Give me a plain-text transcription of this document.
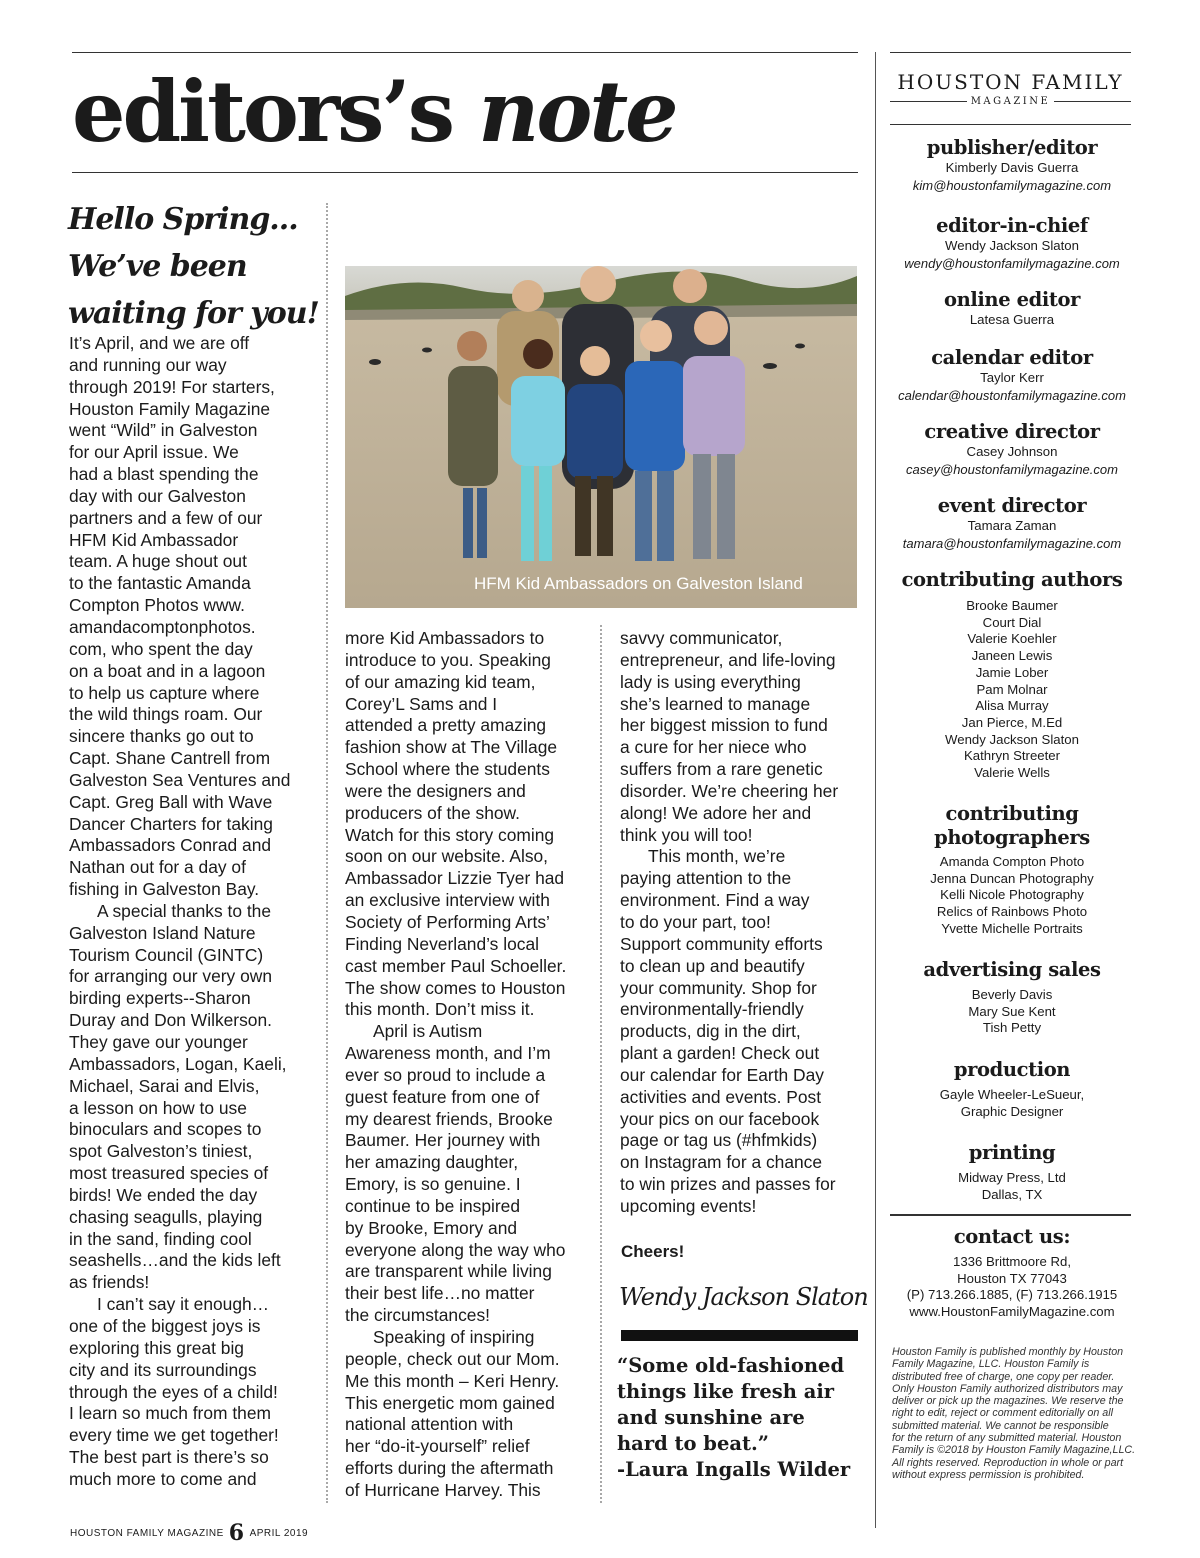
editors’s note
Hello Spring...
We’ve been
waiting for you!
It’s April, and we are off
and running our way
through 2019! For starters,
Houston Family Magazine
went “Wild” in Galveston
for our April issue. We
had a blast spending the
day with our Galveston
partners and a few of our
HFM Kid Ambassador
team. A huge shout out
to the fantastic Amanda
Compton Photos www.
amandacomptonphotos.
com, who spent the day
on a boat and in a lagoon
to help us capture where
the wild things roam. Our
sincere thanks go out to
Capt. Shane Cantrell from
Galveston Sea Ventures and
Capt. Greg Ball with Wave
Dancer Charters for taking
Ambassadors Conrad and
Nathan out for a day of
fishing in Galveston Bay.
A special thanks to the
Galveston Island Nature
Tourism Council (GINTC)
for arranging our very own
birding experts--Sharon
Duray and Don Wilkerson.
They gave our younger
Ambassadors, Logan, Kaeli,
Michael, Sarai and Elvis,
a lesson on how to use
binoculars and scopes to
spot Galveston’s tiniest,
most treasured species of
birds! We ended the day
chasing seagulls, playing
in the sand, finding cool
seashells…and the kids left
as friends!
I can’t say it enough…
one of the biggest joys is
exploring this great big
city and its surroundings
through the eyes of a child!
I learn so much from them
every time we get together!
The best part is there’s so
much more to come and
more Kid Ambassadors to
introduce to you. Speaking
of our amazing kid team,
Corey’L Sams and I
attended a pretty amazing
fashion show at The Village
School where the students
were the designers and
producers of the show.
Watch for this story coming
soon on our website. Also,
Ambassador Lizzie Tyer had
an exclusive interview with
Society of Performing Arts’
Finding Neverland’s local
cast member Paul Schoeller.
The show comes to Houston
this month. Don’t miss it.
April is Autism
Awareness month, and I’m
ever so proud to include a
guest feature from one of
my dearest friends, Brooke
Baumer. Her journey with
her amazing daughter,
Emory, is so genuine. I
continue to be inspired
by Brooke, Emory and
everyone along the way who
are transparent while living
their best life…no matter
the circumstances!
Speaking of inspiring
people, check out our Mom.
Me this month – Keri Henry.
This energetic mom gained
national attention with
her “do-it-yourself” relief
efforts during the aftermath
of Hurricane Harvey. This
savvy communicator,
entrepreneur, and life-loving
lady is using everything
she’s learned to manage
her biggest mission to fund
a cure for her niece who
suffers from a rare genetic
disorder. We’re cheering her
along! We adore her and
think you will too!
This month, we’re
paying attention to the
environment. Find a way
to do your part, too!
Support community efforts
to clean up and beautify
your community. Shop for
environmentally-friendly
products, dig in the dirt,
plant a garden! Check out
our calendar for Earth Day
activities and events. Post
your pics on our facebook
page or tag us (#hfmkids)
on Instagram for a chance
to win prizes and passes for
upcoming events!
HFM Kid Ambassadors on Galveston Island
Cheers!
Wendy Jackson Slaton
“Some old-fashioned
things like fresh air
and sunshine are
hard to beat.”
-Laura Ingalls Wilder
HOUSTON FAMILY
MAGAZINE
publisher/editor
Kimberly Davis Guerra
kim@houstonfamilymagazine.com
editor-in-chief
Wendy Jackson Slaton
wendy@houstonfamilymagazine.com
online editor
Latesa Guerra
calendar editor
Taylor Kerr
calendar@houstonfamilymagazine.com
creative director
Casey Johnson
casey@houstonfamilymagazine.com
event director
Tamara Zaman
tamara@houstonfamilymagazine.com
contributing authors
Brooke Baumer
Court Dial
Valerie Koehler
Janeen Lewis
Jamie Lober
Pam Molnar
Alisa Murray
Jan Pierce, M.Ed
Wendy Jackson Slaton
Kathryn Streeter
Valerie Wells
contributing
photographers
Amanda Compton Photo
Jenna Duncan Photography
Kelli Nicole Photography
Relics of Rainbows Photo
Yvette Michelle Portraits
advertising sales
Beverly Davis
Mary Sue Kent
Tish Petty
production
Gayle Wheeler-LeSueur,
Graphic Designer
printing
Midway Press, Ltd
Dallas, TX
contact us:
1336 Brittmoore Rd,
Houston TX 77043
(P) 713.266.1885, (F) 713.266.1915
www.HoustonFamilyMagazine.com
Houston Family is published monthly by Houston
Family Magazine, LLC. Houston Family is
distributed free of charge, one copy per reader.
Only Houston Family authorized distributors may
deliver or pick up the magazines. We reserve the
right to edit, reject or comment editorially on all
submitted material. We cannot be responsible
for the return of any submitted material. Houston
Family is ©2018 by Houston Family Magazine,LLC.
All rights reserved. Reproduction in whole or part
without express permission is prohibited.
HOUSTON FAMILY MAGAZINE 6 APRIL 2019
